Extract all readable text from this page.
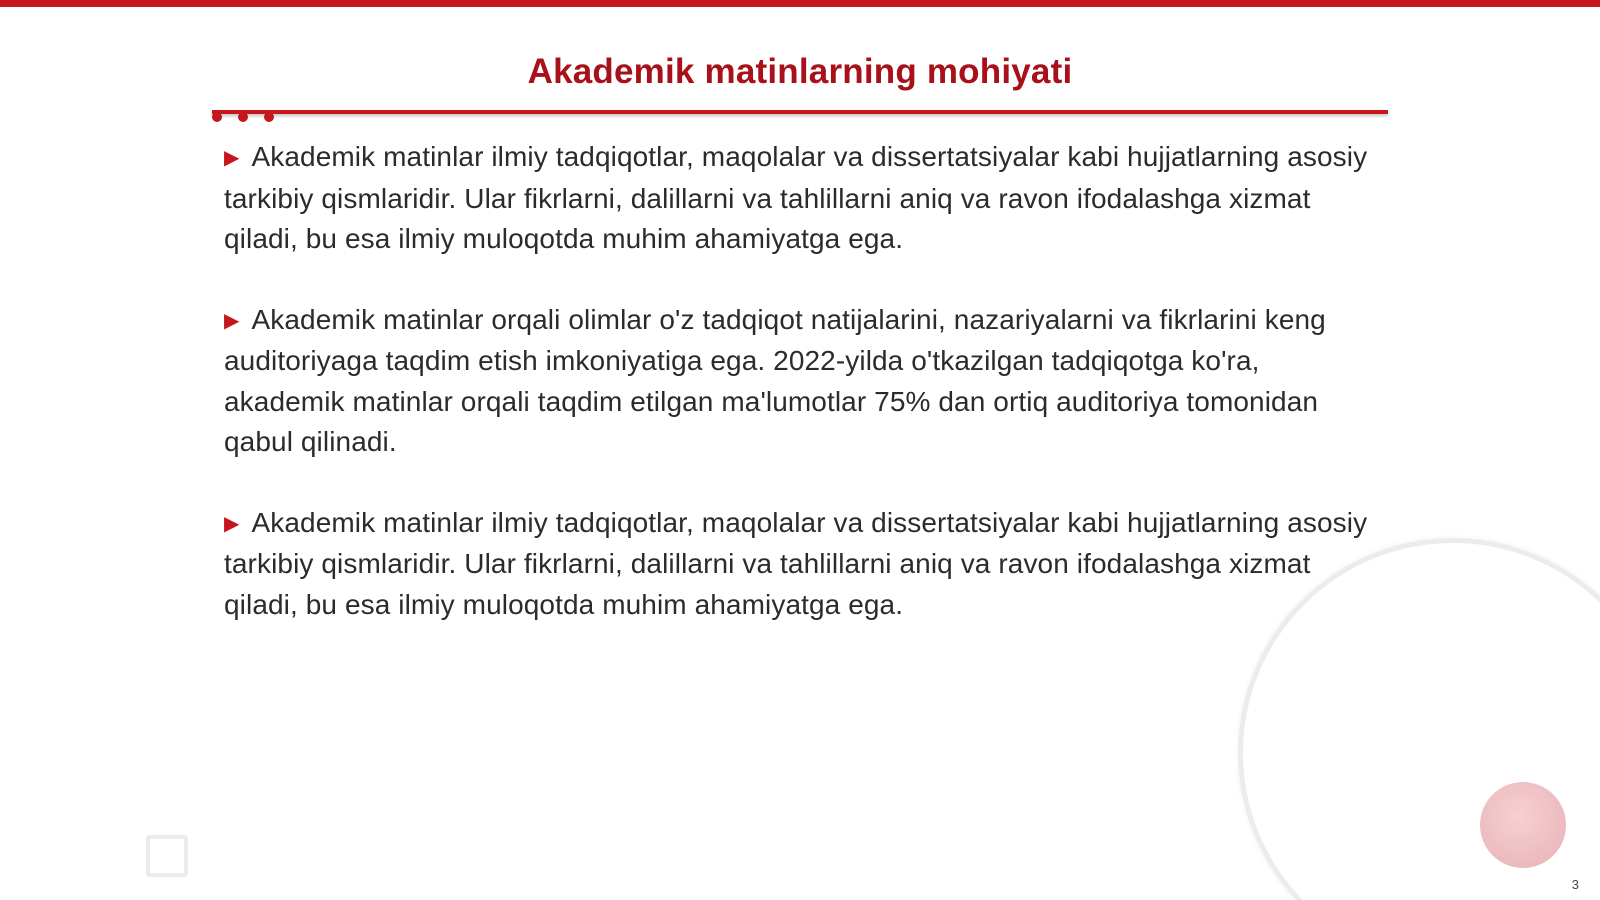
Akademik matinlarning mohiyati

▶ Akademik matinlar ilmiy tadqiqotlar, maqolalar va dissertatsiyalar kabi hujjatlarning asosiy tarkibiy qismlaridir. Ular fikrlarni, dalillarni va tahlillarni aniq va ravon ifodalashga xizmat qiladi, bu esa ilmiy muloqotda muhim ahamiyatga ega.

▶ Akademik matinlar orqali olimlar o'z tadqiqot natijalarini, nazariyalarni va fikrlarini keng auditoriyaga taqdim etish imkoniyatiga ega. 2022-yilda o'tkazilgan tadqiqotga ko'ra, akademik matinlar orqali taqdim etilgan ma'lumotlar 75% dan ortiq auditoriya tomonidan qabul qilinadi.

▶ Akademik matinlar ilmiy tadqiqotlar, maqolalar va dissertatsiyalar kabi hujjatlarning asosiy tarkibiy qismlaridir. Ular fikrlarni, dalillarni va tahlillarni aniq va ravon ifodalashga xizmat qiladi, bu esa ilmiy muloqotda muhim ahamiyatga ega.

3
